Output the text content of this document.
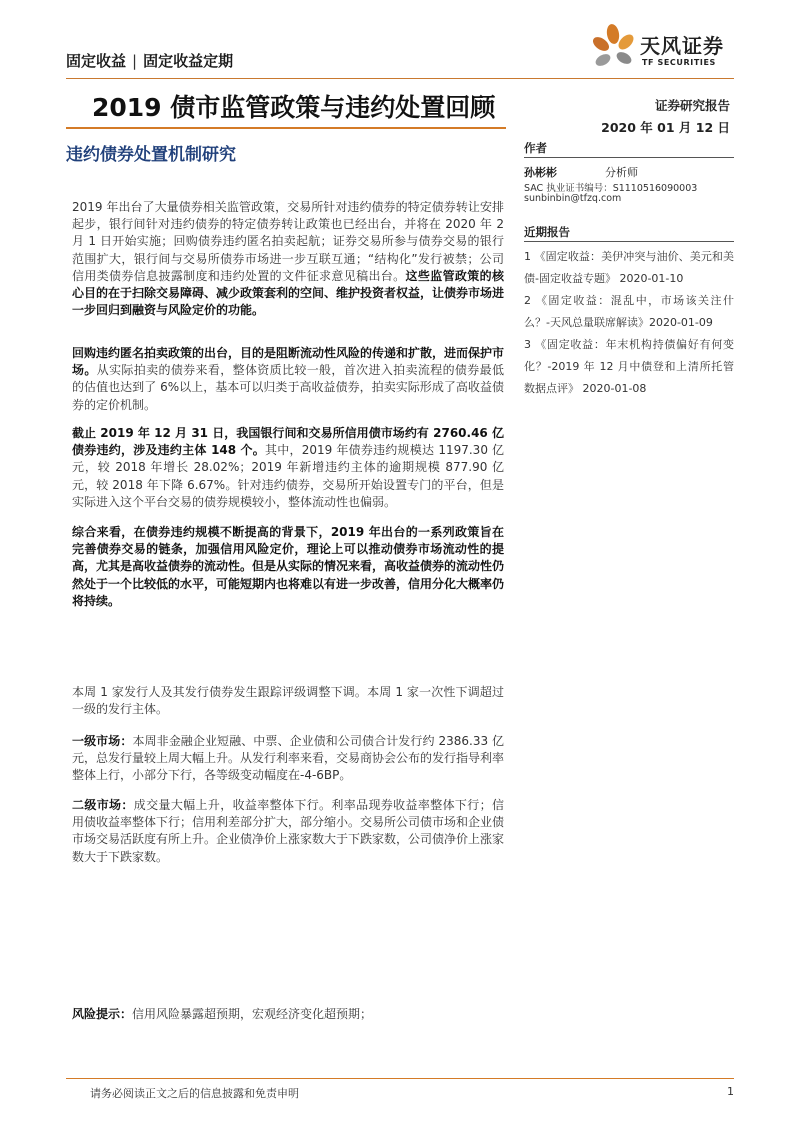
固定收益 | 固定收益定期
天风证券
TF SECURITIES
2019 债市监管政策与违约处置回顾
违约债券处置机制研究
证券研究报告
2020 年 01 月 12 日
作者
孙彬彬	分析师
SAC 执业证书编号：S1110516090003
sunbinbin@tfzq.com
近期报告

1 《固定收益：美伊冲突与油价、美元和美债-固定收益专题》 2020-01-10

2 《固定收益：混乱中，市场该关注什么？-天风总量联席解读》2020-01-09

3 《固定收益：年末机构持债偏好有何变化？-2019 年 12 月中债登和上清所托管数据点评》 2020-01-08

2019 年出台了大量债券相关监管政策，交易所针对违约债券的特定债券转让安排起步，银行间针对违约债券的特定债券转让政策也已经出台，并将在 2020 年 2 月 1 日开始实施；回购债券违约匿名拍卖起航；证券交易所参与债券交易的银行范围扩大，银行间与交易所债券市场进一步互联互通；“结构化”发行被禁；公司信用类债券信息披露制度和违约处置的文件征求意见稿出台。这些监管政策的核心目的在于扫除交易障碍、减少政策套利的空间、维护投资者权益，让债券市场进一步回归到融资与风险定价的功能。

回购违约匿名拍卖政策的出台，目的是阻断流动性风险的传递和扩散，进而保护市场。从实际拍卖的债券来看，整体资质比较一般，首次进入拍卖流程的债券最低的估值也达到了 6%以上，基本可以归类于高收益债券，拍卖实际形成了高收益债券的定价机制。

截止 2019 年 12 月 31 日，我国银行间和交易所信用债市场约有 2760.46 亿债券违约，涉及违约主体 148 个。其中，2019 年债券违约规模达 1197.30 亿元，较 2018 年增长 28.02%；2019 年新增违约主体的逾期规模 877.90 亿元，较 2018 年下降 6.67%。针对违约债券，交易所开始设置专门的平台，但是实际进入这个平台交易的债券规模较小，整体流动性也偏弱。

综合来看，在债券违约规模不断提高的背景下，2019 年出台的一系列政策旨在完善债券交易的链条，加强信用风险定价，理论上可以推动债券市场流动性的提高，尤其是高收益债券的流动性。但是从实际的情况来看，高收益债券的流动性仍然处于一个比较低的水平，可能短期内也将难以有进一步改善，信用分化大概率仍将持续。

本周 1 家发行人及其发行债券发生跟踪评级调整下调。本周 1 家一次性下调超过一级的发行主体。

一级市场：本周非金融企业短融、中票、企业债和公司债合计发行约 2386.33 亿元，总发行量较上周大幅上升。从发行利率来看，交易商协会公布的发行指导利率整体上行，小部分下行，各等级变动幅度在-4-6BP。

二级市场：成交量大幅上升，收益率整体下行。利率品现券收益率整体下行；信用债收益率整体下行；信用利差部分扩大，部分缩小。交易所公司债市场和企业债市场交易活跃度有所上升。企业债净价上涨家数大于下跌家数，公司债净价上涨家数大于下跌家数。

风险提示：信用风险暴露超预期，宏观经济变化超预期；

请务必阅读正文之后的信息披露和免责申明	1
